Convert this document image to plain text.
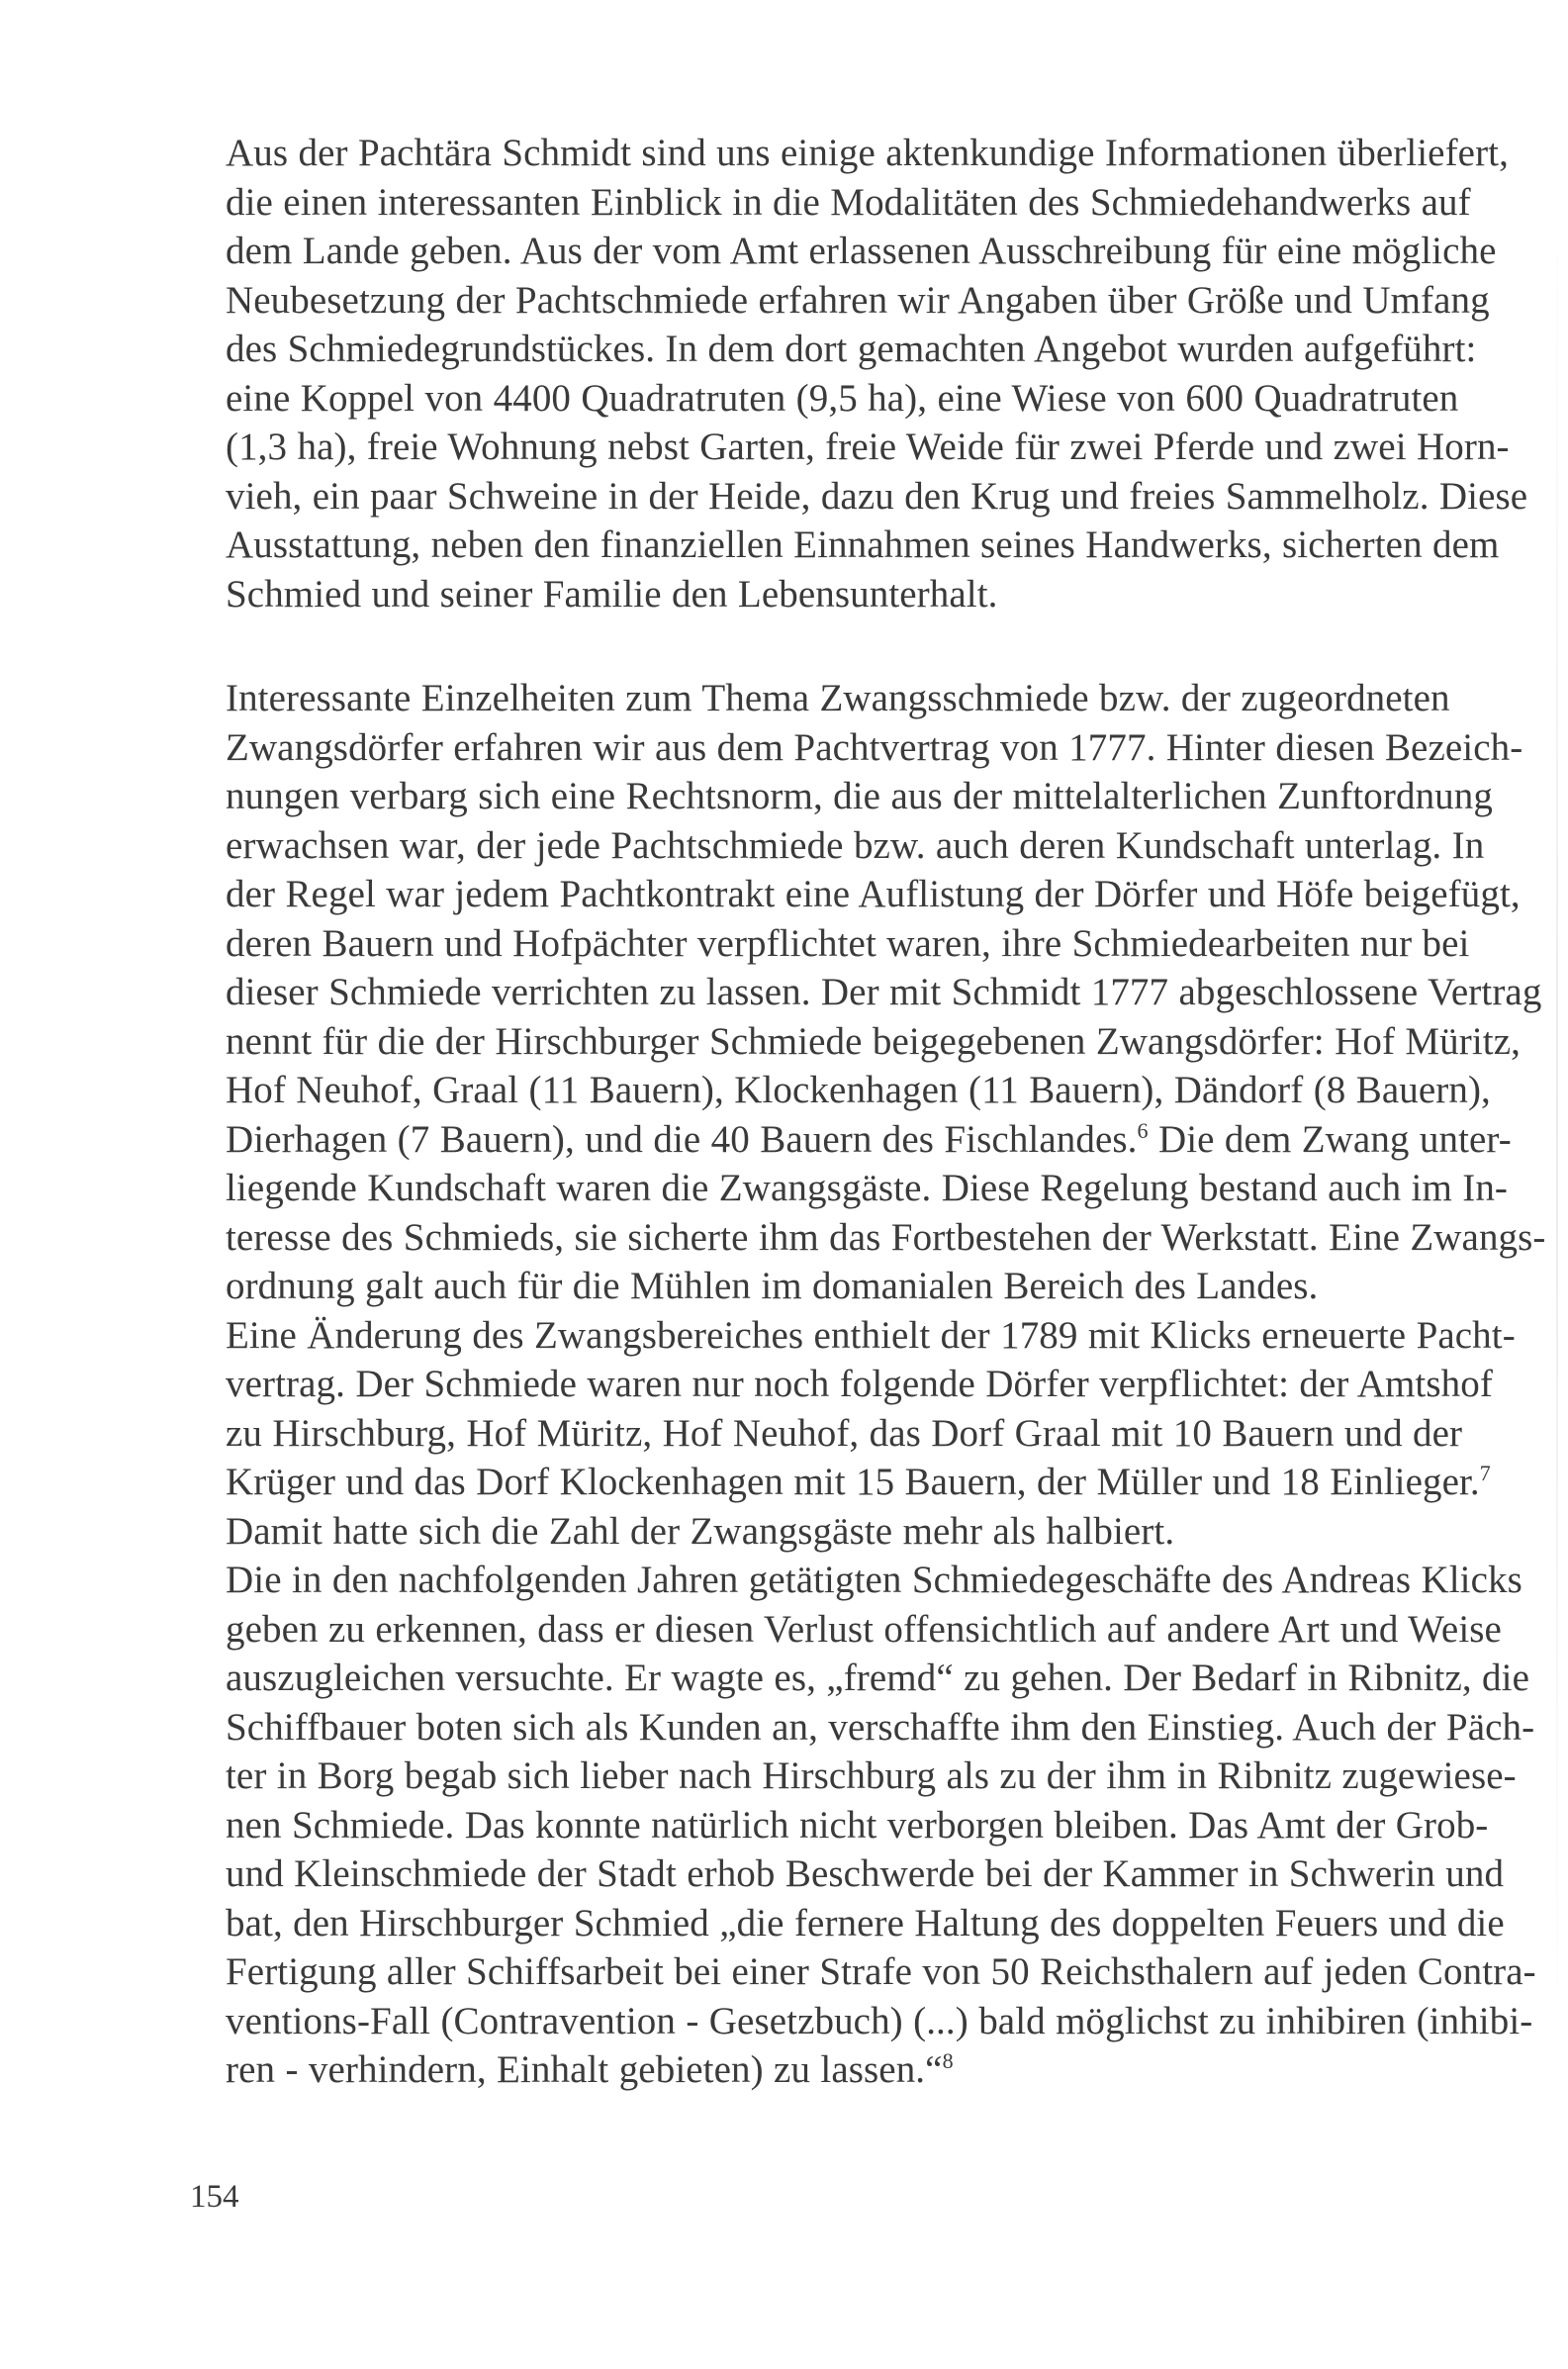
Aus der Pachtära Schmidt sind uns einige aktenkundige Informationen überliefert,
die einen interessanten Einblick in die Modalitäten des Schmiedehandwerks auf
dem Lande geben. Aus der vom Amt erlassenen Ausschreibung für eine mögliche
Neubesetzung der Pachtschmiede erfahren wir Angaben über Größe und Umfang
des Schmiedegrundstückes. In dem dort gemachten Angebot wurden aufgeführt:
eine Koppel von 4400 Quadratruten (9,5 ha), eine Wiese von 600 Quadratruten
(1,3 ha), freie Wohnung nebst Garten, freie Weide für zwei Pferde und zwei Horn-
vieh, ein paar Schweine in der Heide, dazu den Krug und freies Sammelholz. Diese
Ausstattung, neben den finanziellen Einnahmen seines Handwerks, sicherten dem
Schmied und seiner Familie den Lebensunterhalt.

Interessante Einzelheiten zum Thema Zwangsschmiede bzw. der zugeordneten
Zwangsdörfer erfahren wir aus dem Pachtvertrag von 1777. Hinter diesen Bezeich-
nungen verbarg sich eine Rechtsnorm, die aus der mittelalterlichen Zunftordnung
erwachsen war, der jede Pachtschmiede bzw. auch deren Kundschaft unterlag. In
der Regel war jedem Pachtkontrakt eine Auflistung der Dörfer und Höfe beigefügt,
deren Bauern und Hofpächter verpflichtet waren, ihre Schmiedearbeiten nur bei
dieser Schmiede verrichten zu lassen. Der mit Schmidt 1777 abgeschlossene Vertrag
nennt für die der Hirschburger Schmiede beigegebenen Zwangsdörfer: Hof Müritz,
Hof Neuhof, Graal (11 Bauern), Klockenhagen (11 Bauern), Dändorf (8 Bauern),
Dierhagen (7 Bauern), und die 40 Bauern des Fischlandes.$^6$ Die dem Zwang unter-
liegende Kundschaft waren die Zwangsgäste. Diese Regelung bestand auch im In-
teresse des Schmieds, sie sicherte ihm das Fortbestehen der Werkstatt. Eine Zwangs-
ordnung galt auch für die Mühlen im domanialen Bereich des Landes.

Eine Änderung des Zwangsbereiches enthielt der 1789 mit Klicks erneuerte Pacht-
vertrag. Der Schmiede waren nur noch folgende Dörfer verpflichtet: der Amtshof
zu Hirschburg, Hof Müritz, Hof Neuhof, das Dorf Graal mit 10 Bauern und der
Krüger und das Dorf Klockenhagen mit 15 Bauern, der Müller und 18 Einlieger.$^7$
Damit hatte sich die Zahl der Zwangsgäste mehr als halbiert.

Die in den nachfolgenden Jahren getätigten Schmiedegeschäfte des Andreas Klicks
geben zu erkennen, dass er diesen Verlust offensichtlich auf andere Art und Weise
auszugleichen versuchte. Er wagte es, „fremd“ zu gehen. Der Bedarf in Ribnitz, die
Schiffbauer boten sich als Kunden an, verschaffte ihm den Einstieg. Auch der Päch-
ter in Borg begab sich lieber nach Hirschburg als zu der ihm in Ribnitz zugewiese-
nen Schmiede. Das konnte natürlich nicht verborgen bleiben. Das Amt der Grob-
und Kleinschmiede der Stadt erhob Beschwerde bei der Kammer in Schwerin und
bat, den Hirschburger Schmied „die fernere Haltung des doppelten Feuers und die
Fertigung aller Schiffsarbeit bei einer Strafe von 50 Reichsthalern auf jeden Contra-
ventions-Fall (Contravention - Gesetzbuch) (...) bald möglichst zu inhibiren (inhibi-
ren - verhindern, Einhalt gebieten) zu lassen.“$^8$

154
